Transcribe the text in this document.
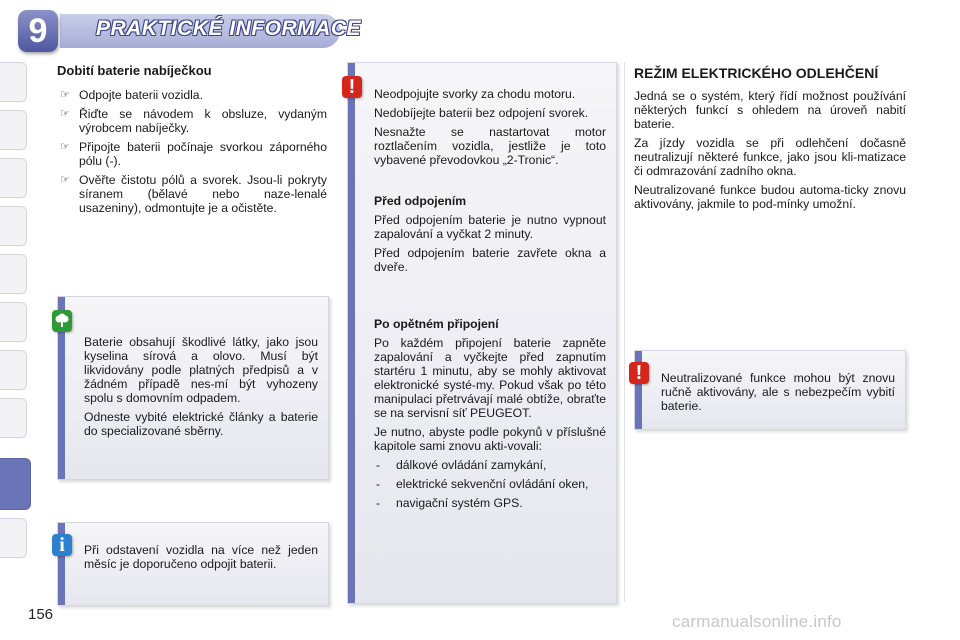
9	PRAKTICKÉ INFORMACE
Dobití baterie nabíječkou
☞ Odpojte baterii vozidla.
☞ Řiďte se návodem k obsluze, vydaným výrobcem nabíječky.
☞ Připojte baterii počínaje svorkou záporného pólu (-).
☞ Ověřte čistotu pólů a svorek. Jsou-li pokryty síranem (bělavé nebo naze-lenalé usazeniny), odmontujte je a očistěte.

Baterie obsahují škodlivé látky, jako jsou kyselina sírová a olovo. Musí být likvidovány podle platných předpisů a v žádném případě nes-mí být vyhozeny spolu s domovním odpadem.

Odneste vybité elektrické články a baterie do specializované sběrny.

Při odstavení vozidla na více než jeden měsíc je doporučeno odpojit baterii.

i

Neodpojujte svorky za chodu motoru.

Nedobíjejte baterii bez odpojení svorek.

Nesnažte se nastartovat motor roztlačením vozidla, jestliže je toto vybavené převodovkou „2-Tronic“.

Před odpojením

Před odpojením baterie je nutno vypnout zapalování a vyčkat 2 minuty.

Před odpojením baterie zavřete okna a dveře.

Po opětném připojení

Po každém připojení baterie zapněte zapalování a vyčkejte před zapnutím startéru 1 minutu, aby se mohly aktivovat elektronické systé-my. Pokud však po této manipulaci přetrvávají malé obtíže, obraťte se na servisní síť PEUGEOT.

Je nutno, abyste podle pokynů v příslušné kapitole sami znovu akti-vovali:

- dálkové ovládání zamykání,
- elektrické sekvenční ovládání oken,
- navigační systém GPS.
!
REŽIM ELEKTRICKÉHO ODLEHČENÍ

Jedná se o systém, který řídí možnost používání některých funkcí s ohledem na úroveň nabití baterie.

Za jízdy vozidla se při odlehčení dočasně neutralizují některé funkce, jako jsou kli-matizace či odmrazování zadního okna.

Neutralizované funkce budou automa-ticky znovu aktivovány, jakmile to pod-mínky umožní.

Neutralizované funkce mohou být znovu ručně aktivovány, ale s nebezpečím vybití baterie.

!
156	carmanualsonline.info
